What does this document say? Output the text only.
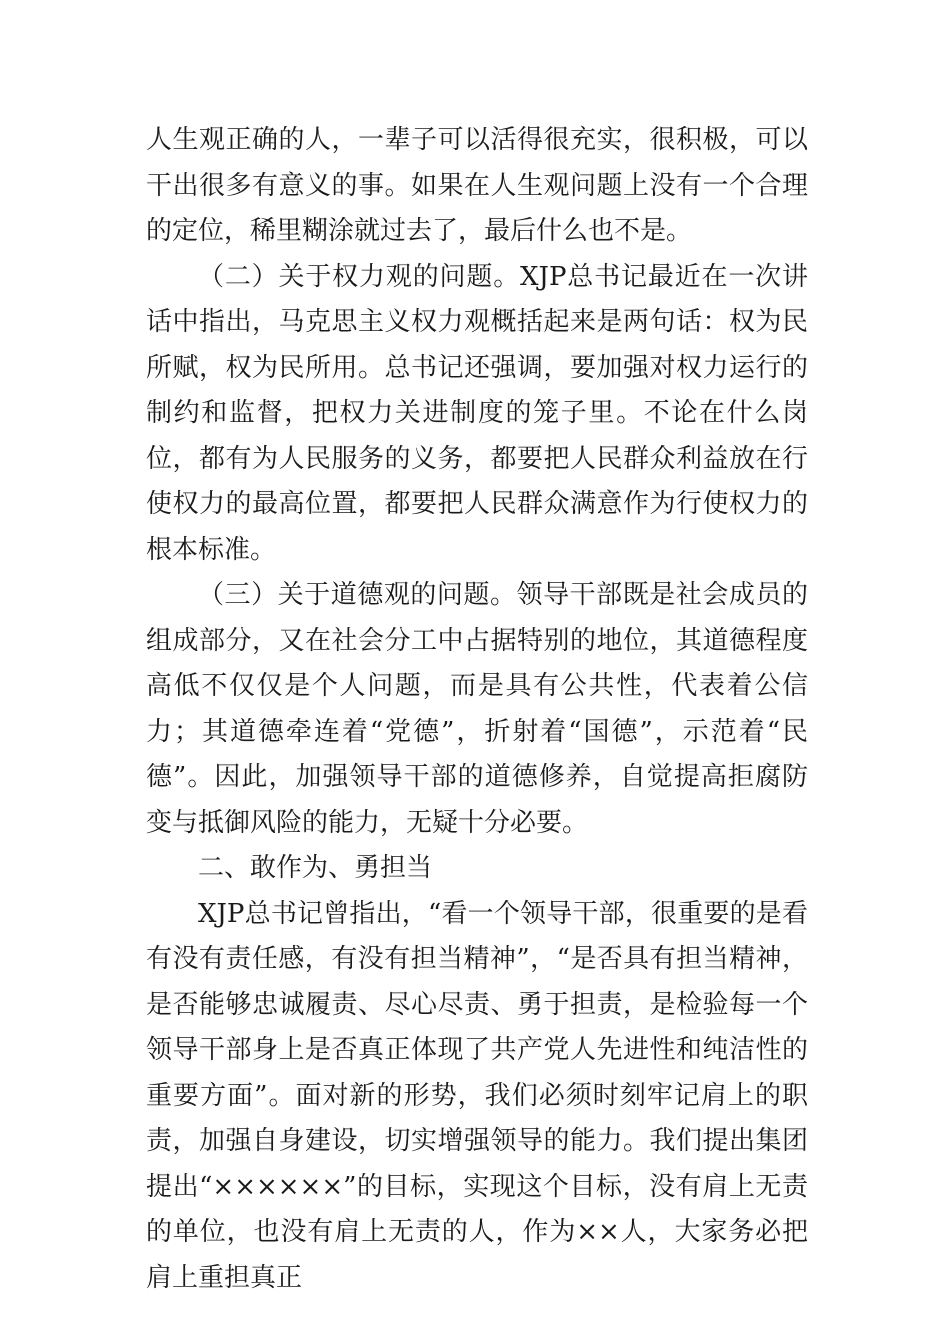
人生观正确的人，一辈子可以活得很充实，很积极，可以干出很多有意义的事。如果在人生观问题上没有一个合理的定位，稀里糊涂就过去了，最后什么也不是。

（二）关于权力观的问题。XJP总书记最近在一次讲话中指出，马克思主义权力观概括起来是两句话：权为民所赋，权为民所用。总书记还强调，要加强对权力运行的制约和监督，把权力关进制度的笼子里。不论在什么岗位，都有为人民服务的义务，都要把人民群众利益放在行使权力的最高位置，都要把人民群众满意作为行使权力的根本标准。

（三）关于道德观的问题。领导干部既是社会成员的组成部分，又在社会分工中占据特别的地位，其道德程度高低不仅仅是个人问题，而是具有公共性，代表着公信力；其道德牵连着“党德”，折射着“国德”，示范着“民德”。因此，加强领导干部的道德修养，自觉提高拒腐防变与抵御风险的能力，无疑十分必要。

二、敢作为、勇担当

XJP总书记曾指出，“看一个领导干部，很重要的是看有没有责任感，有没有担当精神”，“是否具有担当精神，是否能够忠诚履责、尽心尽责、勇于担责，是检验每一个领导干部身上是否真正体现了共产党人先进性和纯洁性的重要方面”。面对新的形势，我们必须时刻牢记肩上的职责，加强自身建设，切实增强领导的能力。我们提出集团提出“××××××”的目标，实现这个目标，没有肩上无责的单位，也没有肩上无责的人，作为××人，大家务必把肩上重担真正
